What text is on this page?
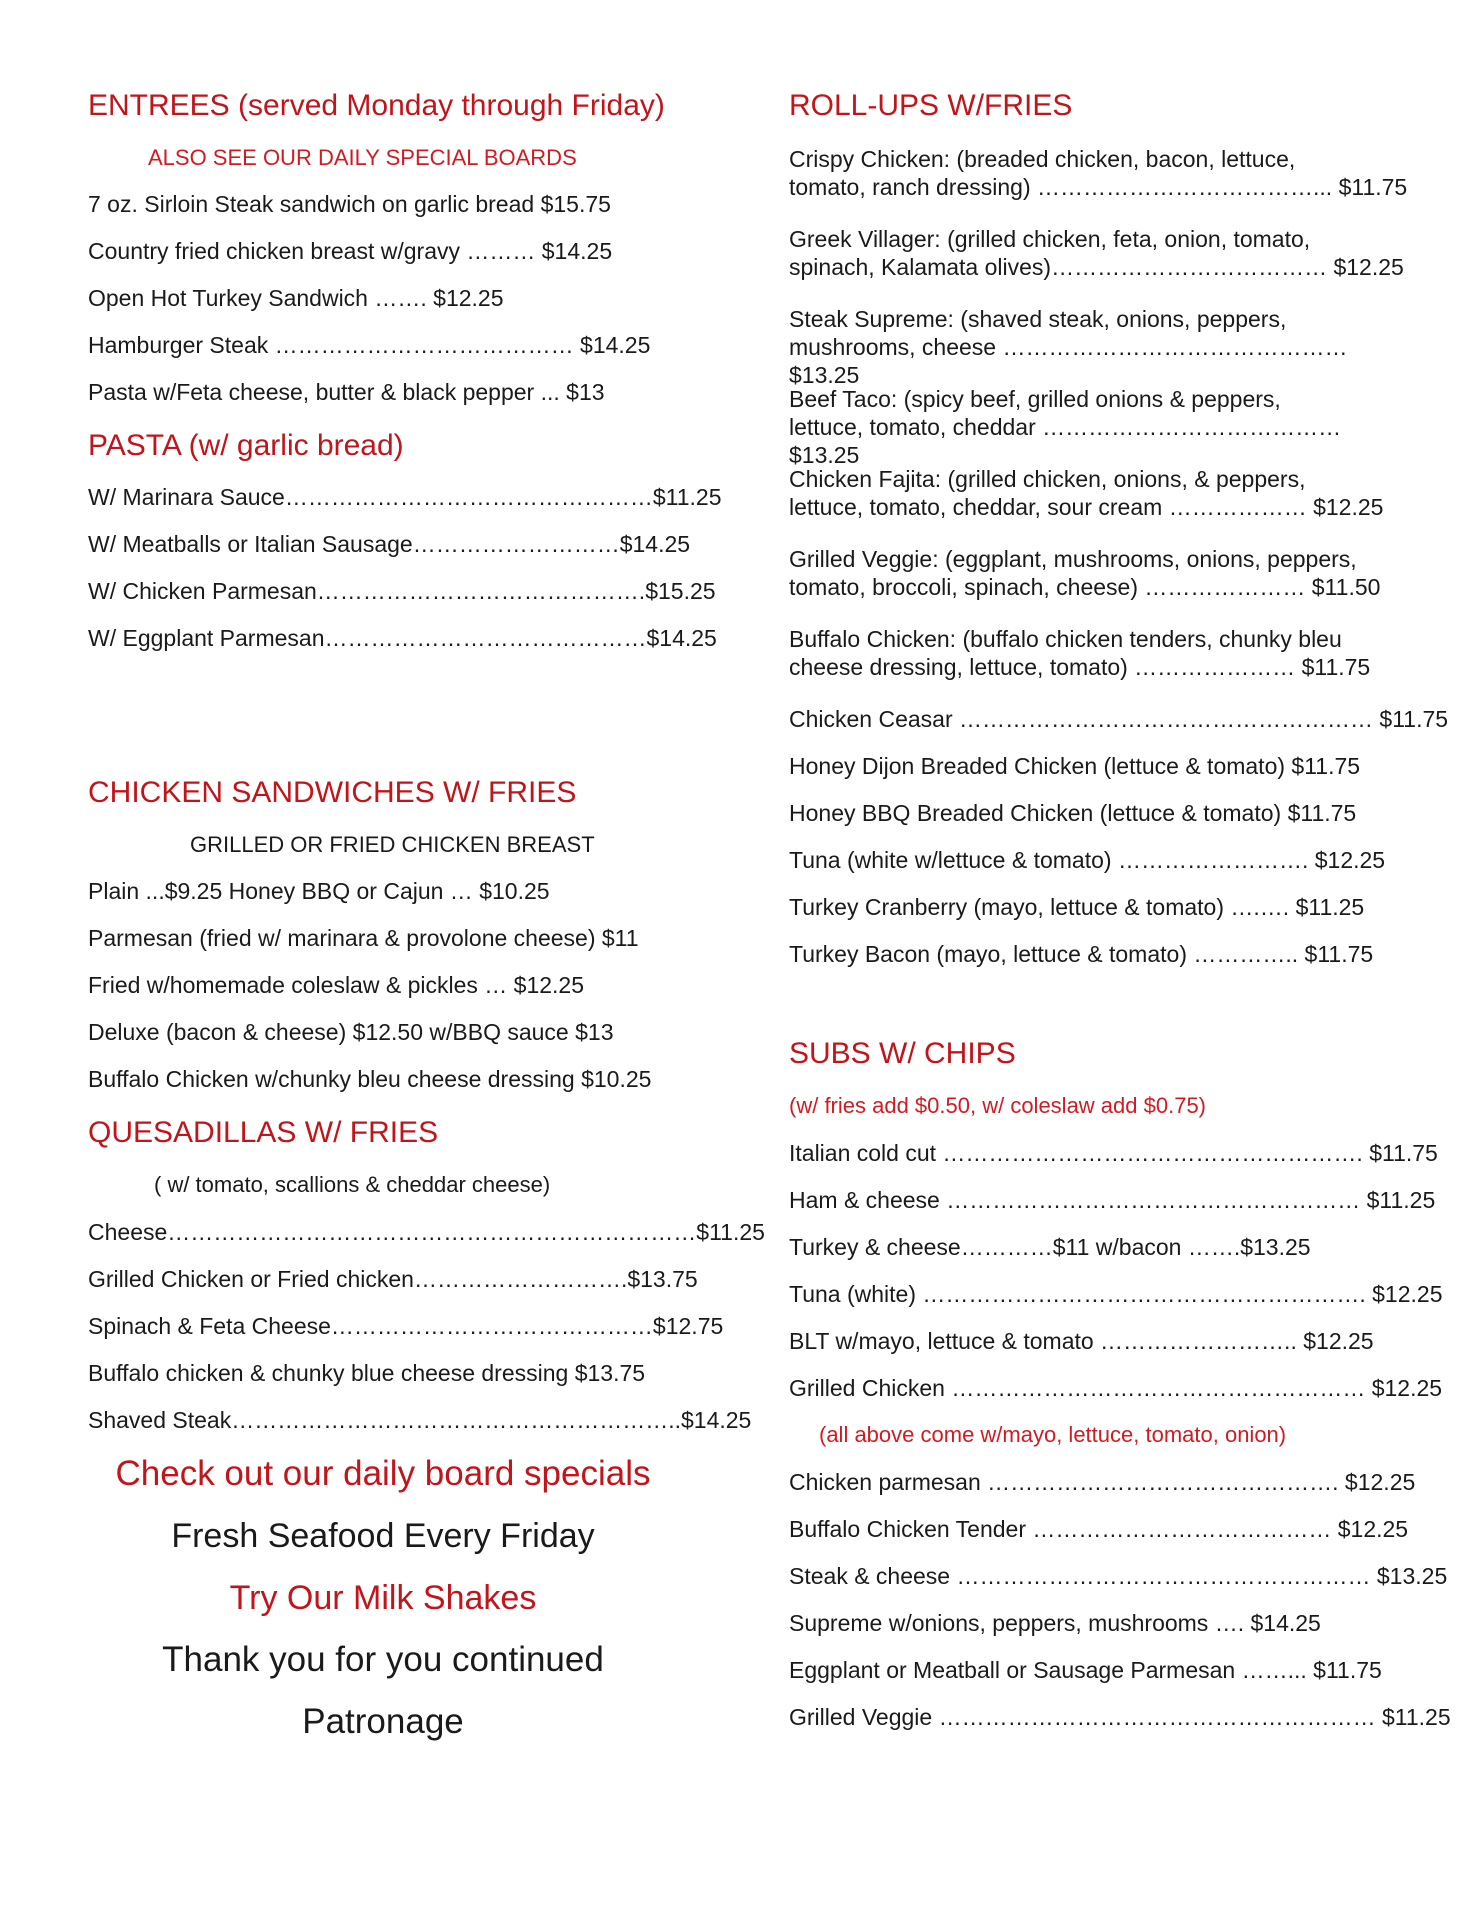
ENTREES (served Monday through Friday)
ALSO SEE OUR DAILY SPECIAL BOARDS
7 oz. Sirloin Steak sandwich on garlic bread $15.75
Country fried chicken breast w/gravy ……… $14.25
Open Hot Turkey Sandwich ……. $12.25
Hamburger Steak ………………………………… $14.25
Pasta w/Feta cheese, butter & black pepper ... $13
PASTA (w/ garlic bread)
W/ Marinara Sauce…………………………………………$11.25
W/ Meatballs or Italian Sausage………………………$14.25
W/ Chicken Parmesan…………………………………….$15.25
W/ Eggplant Parmesan……………………………………$14.25
CHICKEN SANDWICHES W/ FRIES
GRILLED OR FRIED CHICKEN BREAST
Plain ...$9.25 Honey BBQ or Cajun … $10.25
Parmesan (fried w/ marinara & provolone cheese) $11
Fried w/homemade coleslaw & pickles … $12.25
Deluxe (bacon & cheese) $12.50 w/BBQ sauce $13
Buffalo Chicken w/chunky bleu cheese dressing $10.25
QUESADILLAS W/ FRIES
( w/ tomato, scallions & cheddar cheese)
Cheese……………………………………………………………$11.25
Grilled Chicken or Fried chicken……………………….$13.75
Spinach & Feta Cheese……………………………………$12.75
Buffalo chicken & chunky blue cheese dressing $13.75
Shaved Steak…………………………………………………..$14.25
Check out our daily board specials
Fresh Seafood Every Friday
Try Our Milk Shakes
Thank you for you continued
Patronage
ROLL-UPS W/FRIES
Crispy Chicken: (breaded chicken, bacon, lettuce,
tomato, ranch dressing) ………………………………... $11.75
Greek Villager: (grilled chicken, feta, onion, tomato,
spinach, Kalamata olives)……………………………… $12.25
Steak Supreme: (shaved steak, onions, peppers,
mushrooms, cheese ……………………………………… $13.25
Beef Taco: (spicy beef, grilled onions & peppers,
lettuce, tomato, cheddar ………………………………… $13.25
Chicken Fajita: (grilled chicken, onions, & peppers,
lettuce, tomato, cheddar, sour cream ……………… $12.25
Grilled Veggie: (eggplant, mushrooms, onions, peppers,
tomato, broccoli, spinach, cheese) ………………… $11.50
Buffalo Chicken: (buffalo chicken tenders, chunky bleu
cheese dressing, lettuce, tomato) ………………… $11.75
Chicken Ceasar ……………………………………………… $11.75
Honey Dijon Breaded Chicken (lettuce & tomato) $11.75
Honey BBQ Breaded Chicken (lettuce & tomato) $11.75
Tuna (white w/lettuce & tomato) ……………………. $12.25
Turkey Cranberry (mayo, lettuce & tomato) ….…. $11.25
Turkey Bacon (mayo, lettuce & tomato) ………….. $11.75
SUBS W/ CHIPS
(w/ fries add $0.50, w/ coleslaw add $0.75)
Italian cold cut ………………………………………………. $11.75
Ham & cheese ……………………………………………… $11.25
Turkey & cheese…………$11 w/bacon …….$13.25
Tuna (white) …………………………………………………. $12.25
BLT w/mayo, lettuce & tomato …………………….. $12.25
Grilled Chicken ……………………………………………… $12.25
(all above come w/mayo, lettuce, tomato, onion)
Chicken parmesan ………………………………………. $12.25
Buffalo Chicken Tender ………………………………… $12.25
Steak & cheese ……………………………………………… $13.25
Supreme w/onions, peppers, mushrooms …. $14.25
Eggplant or Meatball or Sausage Parmesan ……... $11.75
Grilled Veggie ………………………………………………… $11.25
